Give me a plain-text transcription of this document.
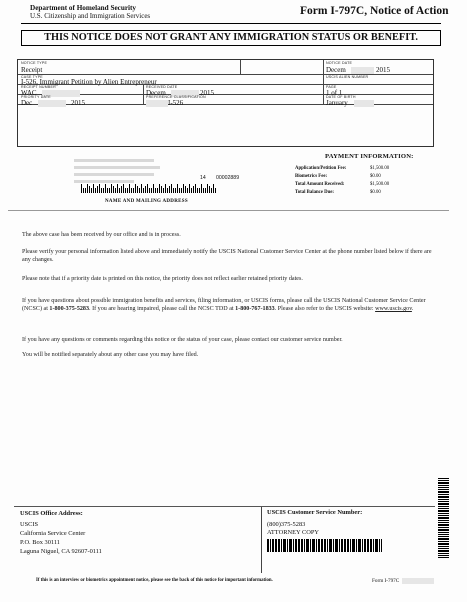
Department of Homeland Security
U.S. Citizenship and Immigration Services	Form I-797C, Notice of Action
THIS NOTICE DOES NOT GRANT ANY IMMIGRATION STATUS OR BENEFIT.
NOTICE TYPE
Receipt
NOTICE DATE
Decem	2015
CASE TYPE
I-526, Immigrant Petition by Alien Entrepreneur
USCIS ALIEN NUMBER
RECEIPT NUMBER
WAC
RECEIVED DATE
Decem	2015
PAGE
1 of 1
PRIORITY DATE
Dec	2015
PREFERENCE CLASSIFICATION
I-526
DATE OF BIRTH
January
14 00002889
PAYMENT INFORMATION:
Application/Petition Fee:	$1,500.00
Biometrics Fee:	$0.00
Total Amount Received:	$1,500.00
Total Balance Due:	$0.00
NAME AND MAILING ADDRESS
The above case has been received by our office and is in process.
Please verify your personal information listed above and immediately notify the USCIS National Customer Service Center at the phone number listed below if there are any changes.
Please note that if a priority date is printed on this notice, the priority does not reflect earlier retained priority dates.
If you have questions about possible immigration benefits and services, filing information, or USCIS forms, please call the USCIS National Customer Service Center (NCSC) at 1-800-375-5283. If you are hearing impaired, please call the NCSC TDD at 1-800-767-1833. Please also refer to the USCIS website: www.uscis.gov.
If you have any questions or comments regarding this notice or the status of your case, please contact our customer service number.
You will be notified separately about any other case you may have filed.
USCIS Office Address:
USCIS
California Service Center
P.O. Box 30111
Laguna Niguel, CA 92607-0111
USCIS Customer Service Number:
(800)375-5283
ATTORNEY COPY
If this is an interview or biometrics appointment notice, please see the back of this notice for important information.	Form I-797C
